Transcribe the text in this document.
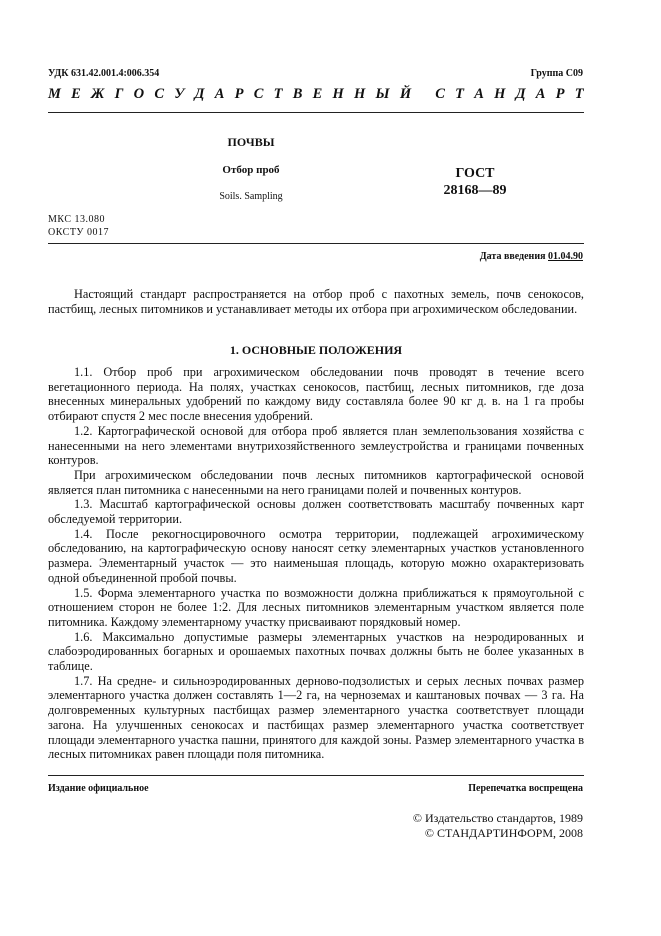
УДК 631.42.001.4:006.354	Группа С09
М Е Ж Г О С У Д А Р С Т В Е Н Н Ы Й
С Т А Н Д А Р Т
ПОЧВЫ
Отбор проб
Soils. Sampling
ГОСТ
28168—89
МКС 13.080
ОКСТУ 0017
Дата введения 01.04.90

Настоящий стандарт распространяется на отбор проб с пахотных земель, почв сенокосов, пастбищ, лесных питомников и устанавливает методы их отбора при агрохимическом обследовании.

1. ОСНОВНЫЕ ПОЛОЖЕНИЯ

1.1. Отбор проб при агрохимическом обследовании почв проводят в течение всего вегетационного периода. На полях, участках сенокосов, пастбищ, лесных питомников, где доза внесенных минеральных удобрений по каждому виду составляла более 90 кг д. в. на 1 га пробы отбирают спустя 2 мес после внесения удобрений.

1.2. Картографической основой для отбора проб является план землепользования хозяйства с нанесенными на него элементами внутрихозяйственного землеустройства и границами почвенных контуров.

При агрохимическом обследовании почв лесных питомников картографической основой является план питомника с нанесенными на него границами полей и почвенных контуров.

1.3. Масштаб картографической основы должен соответствовать масштабу почвенных карт обследуемой территории.

1.4. После рекогносцировочного осмотра территории, подлежащей агрохимическому обследованию, на картографическую основу наносят сетку элементарных участков установленного размера. Элементарный участок — это наименьшая площадь, которую можно охарактеризовать одной объединенной пробой почвы.

1.5. Форма элементарного участка по возможности должна приближаться к прямоугольной с отношением сторон не более 1:2. Для лесных питомников элементарным участком является поле питомника. Каждому элементарному участку присваивают порядковый номер.

1.6. Максимально допустимые размеры элементарных участков на неэродированных и слабоэродированных богарных и орошаемых пахотных почвах должны быть не более указанных в таблице.

1.7. На средне- и сильноэродированных дерново-подзолистых и серых лесных почвах размер элементарного участка должен составлять 1—2 га, на черноземах и каштановых почвах — 3 га. На долговременных культурных пастбищах размер элементарного участка соответствует площади загона. На улучшенных сенокосах и пастбищах размер элементарного участка соответствует площади элементарного участка пашни, принятого для каждой зоны. Размер элементарного участка в лесных питомниках равен площади поля питомника.

Издание официальное	Перепечатка воспрещена
© Издательство стандартов, 1989
© СТАНДАРТИНФОРМ, 2008
